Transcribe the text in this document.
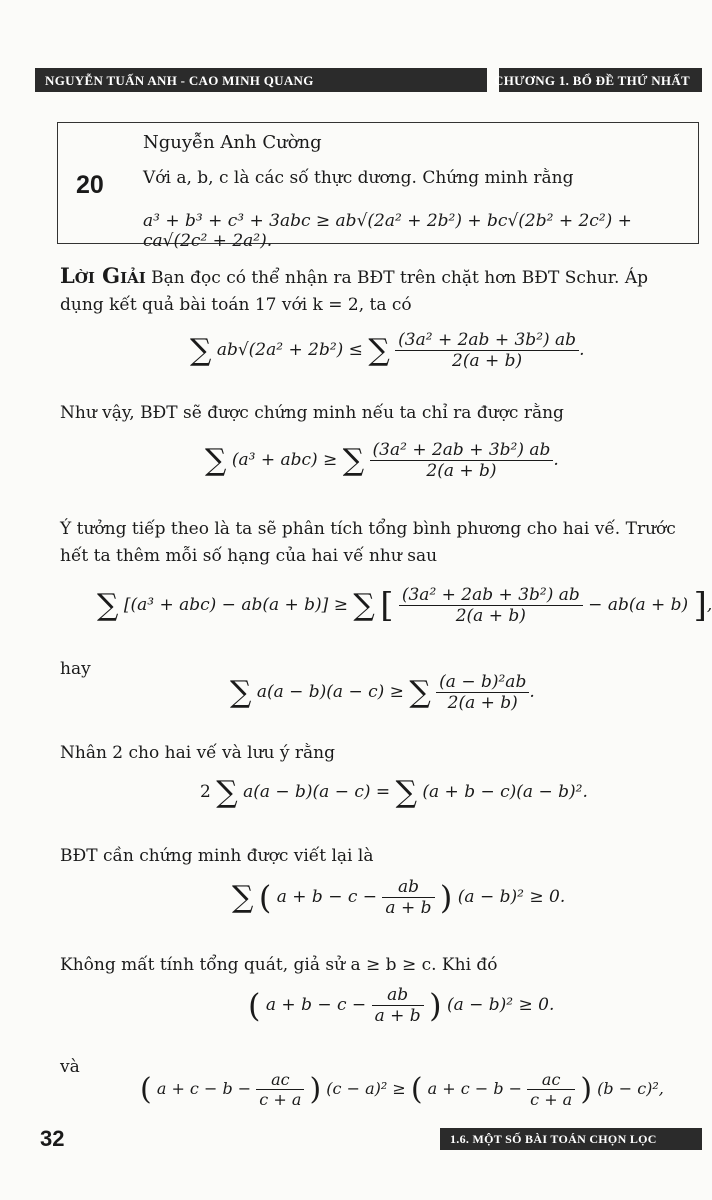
NGUYỄN TUẤN ANH - CAO MINH QUANG	CHƯƠNG 1. BỔ ĐỀ THỨ NHẤT
20
Nguyễn Anh Cường
Với a, b, c là các số thực dương. Chứng minh rằng
a³ + b³ + c³ + 3abc ≥ ab√(2a² + 2b²) + bc√(2b² + 2c²) + ca√(2c² + 2a²).
Lời Giải Bạn đọc có thể nhận ra BĐT trên chặt hơn BĐT Schur. Áp dụng kết quả bài toán 17 với k = 2, ta có
∑ ab√(2a² + 2b²) ≤ ∑ $\frac{\text{(3a² + 2ab + 3b²) ab}}{2(a + b)}$ .
Như vậy, BĐT sẽ được chứng minh nếu ta chỉ ra được rằng
∑ (a³ + abc) ≥ ∑ $\frac{\text{(3a² + 2ab + 3b²) ab}}{2(a + b)}$ .
Ý tưởng tiếp theo là ta sẽ phân tích tổng bình phương cho hai vế. Trước hết ta thêm mỗi số hạng của hai vế như sau
∑ [(a³ + abc) − ab(a + b)] ≥ ∑ [ $\frac{\text{(3a² + 2ab + 3b²) ab}}{2(a + b)} - ab(a + b)$ ],
hay
∑ a(a − b)(a − c) ≥ ∑ $\frac{\text{(a − b)²ab}}{2(a + b)}$ .
Nhân 2 cho hai vế và lưu ý rằng
2 ∑ a(a − b)(a − c) = ∑ (a + b − c)(a − b)².
BĐT cần chứng minh được viết lại là
∑ ( $a + b - c - \frac{ab}{a + b}$ ) (a − b)² ≥ 0.
Không mất tính tổng quát, giả sử a ≥ b ≥ c. Khi đó
( $a + b - c - \frac{ab}{a + b}$ ) (a − b)² ≥ 0.
và
( $a + c - b - \frac{ac}{c + a}$ ) (c − a)² ≥ ( $a + c - b - \frac{ac}{c + a}$ ) (b − c)²,
32	1.6. MỘT SỐ BÀI TOÁN CHỌN LỌC
